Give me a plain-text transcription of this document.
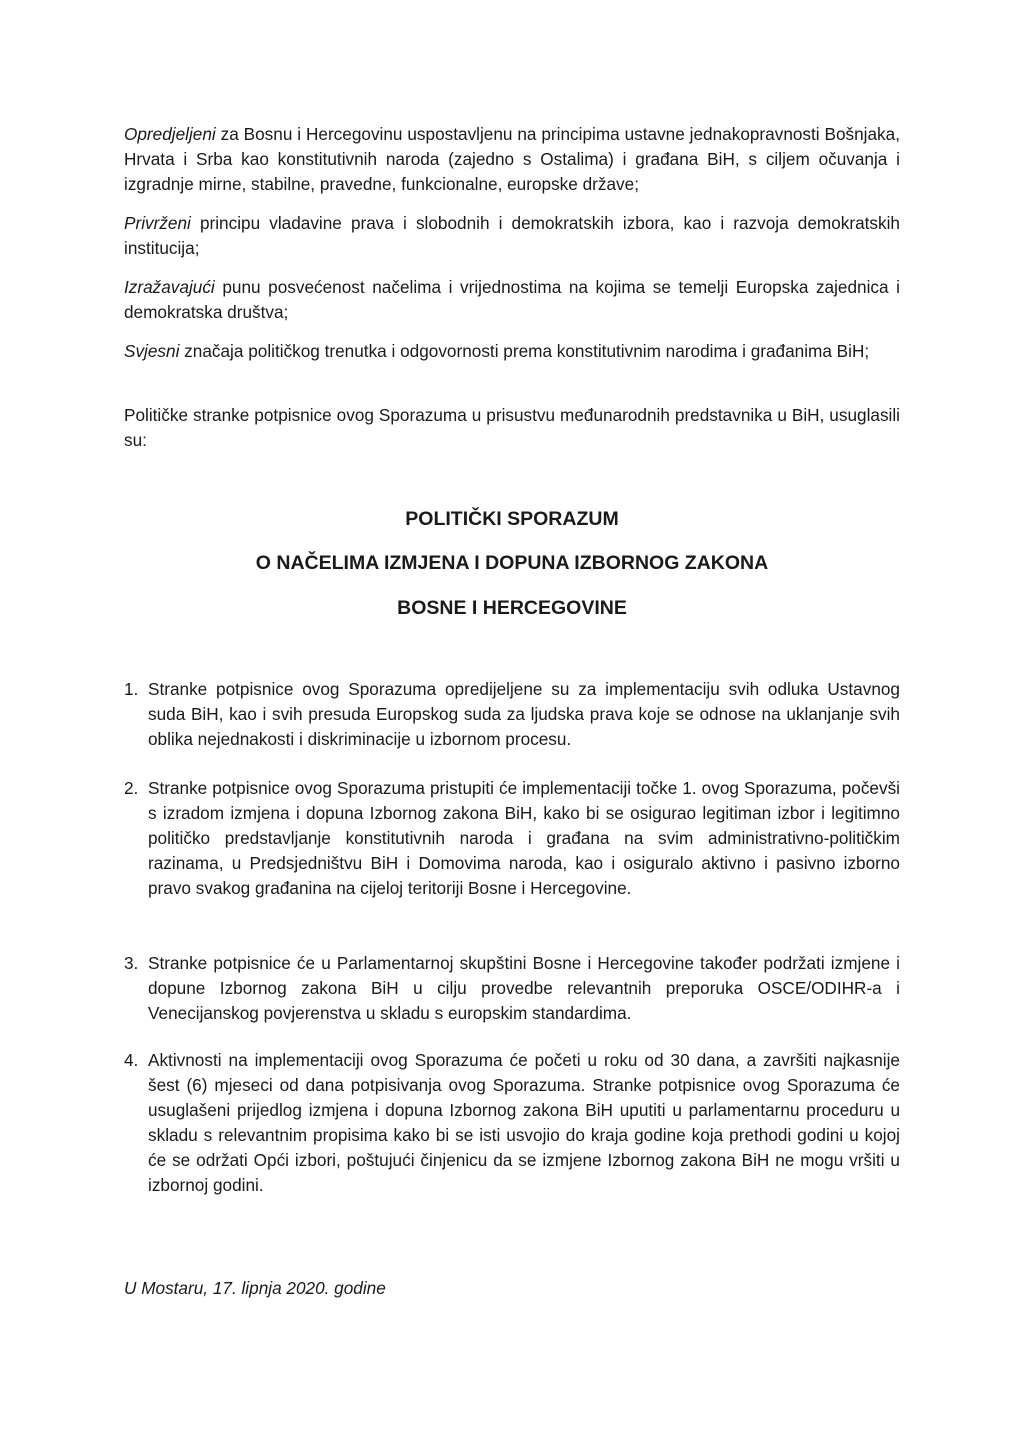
Opredjeljeni za Bosnu i Hercegovinu uspostavljenu na principima ustavne jednakopravnosti Bošnjaka, Hrvata i Srba kao konstitutivnih naroda (zajedno s Ostalima) i građana BiH, s ciljem očuvanja i izgradnje mirne, stabilne, pravedne, funkcionalne, europske države;

Privrženi principu vladavine prava i slobodnih i demokratskih izbora, kao i razvoja demokratskih institucija;

Izražavajući punu posvećenost načelima i vrijednostima na kojima se temelji Europska zajednica i demokratska društva;

Svjesni značaja političkog trenutka i odgovornosti prema konstitutivnim narodima i građanima BiH;

Političke stranke potpisnice ovog Sporazuma u prisustvu međunarodnih predstavnika u BiH, usuglasili su:

POLITIČKI SPORAZUM
O NAČELIMA IZMJENA I DOPUNA IZBORNOG ZAKONA
BOSNE I HERCEGOVINE
1. Stranke potpisnice ovog Sporazuma opredijeljene su za implementaciju svih odluka Ustavnog suda BiH, kao i svih presuda Europskog suda za ljudska prava koje se odnose na uklanjanje svih oblika nejednakosti i diskriminacije u izbornom procesu.
2. Stranke potpisnice ovog Sporazuma pristupiti će implementaciji točke 1. ovog Sporazuma, počevši s izradom izmjena i dopuna Izbornog zakona BiH, kako bi se osigurao legitiman izbor i legitimno političko predstavljanje konstitutivnih naroda i građana na svim administrativno-političkim razinama, u Predsjedništvu BiH i Domovima naroda, kao i osiguralo aktivno i pasivno izborno pravo svakog građanina na cijeloj teritoriji Bosne i Hercegovine.
3. Stranke potpisnice će u Parlamentarnoj skupštini Bosne i Hercegovine također podržati izmjene i dopune Izbornog zakona BiH u cilju provedbe relevantnih preporuka OSCE/ODIHR-a i Venecijanskog povjerenstva u skladu s europskim standardima.
4. Aktivnosti na implementaciji ovog Sporazuma će početi u roku od 30 dana, a završiti najkasnije šest (6) mjeseci od dana potpisivanja ovog Sporazuma. Stranke potpisnice ovog Sporazuma će usuglašeni prijedlog izmjena i dopuna Izbornog zakona BiH uputiti u parlamentarnu proceduru u skladu s relevantnim propisima kako bi se isti usvojio do kraja godine koja prethodi godini u kojoj će se održati Opći izbori, poštujući činjenicu da se izmjene Izbornog zakona BiH ne mogu vršiti u izbornoj godini.

U Mostaru, 17. lipnja 2020. godine
